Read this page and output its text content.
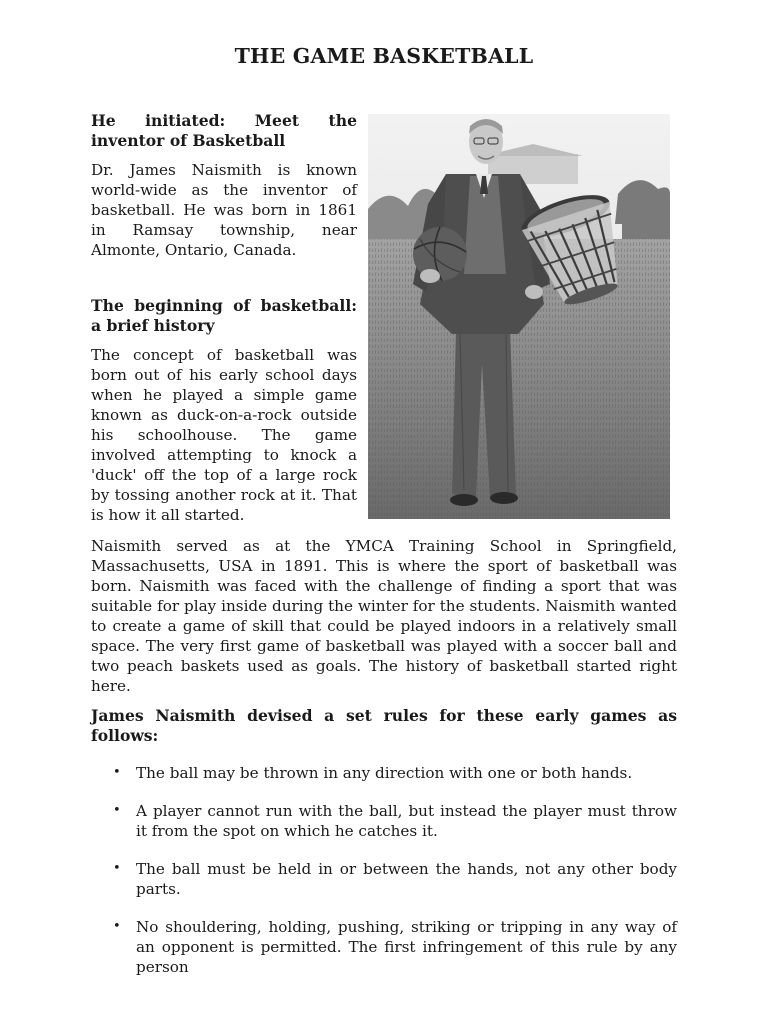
THE GAME BASKETBALL
He initiated: Meet the inventor of Basketball

Dr. James Naismith is known world-wide as the inventor of basketball. He was born in 1861 in Ramsay township, near Almonte, Ontario, Canada.

The beginning of basketball: a brief history

The concept of basketball was born out of his early school days when he played a simple game known as duck-on-a-rock outside his schoolhouse. The game involved attempting to knock a 'duck' off the top of a large rock by tossing another rock at it. That is how it all started.

Naismith served as at the YMCA Training School in Springfield, Massachusetts, USA in 1891. This is where the sport of basketball was born. Naismith was faced with the challenge of finding a sport that was suitable for play inside during the winter for the students. Naismith wanted to create a game of skill that could be played indoors in a relatively small space. The very first game of basketball was played with a soccer ball and two peach baskets used as goals. The history of basketball started right here.

James Naismith devised a set rules for these early games as follows:
• The ball may be thrown in any direction with one or both hands.
• A player cannot run with the ball, but instead the player must throw it from the spot on which he catches it.
• The ball must be held in or between the hands, not any other body parts.
• No shouldering, holding, pushing, striking or tripping in any way of an opponent is permitted. The first infringement of this rule by any person
